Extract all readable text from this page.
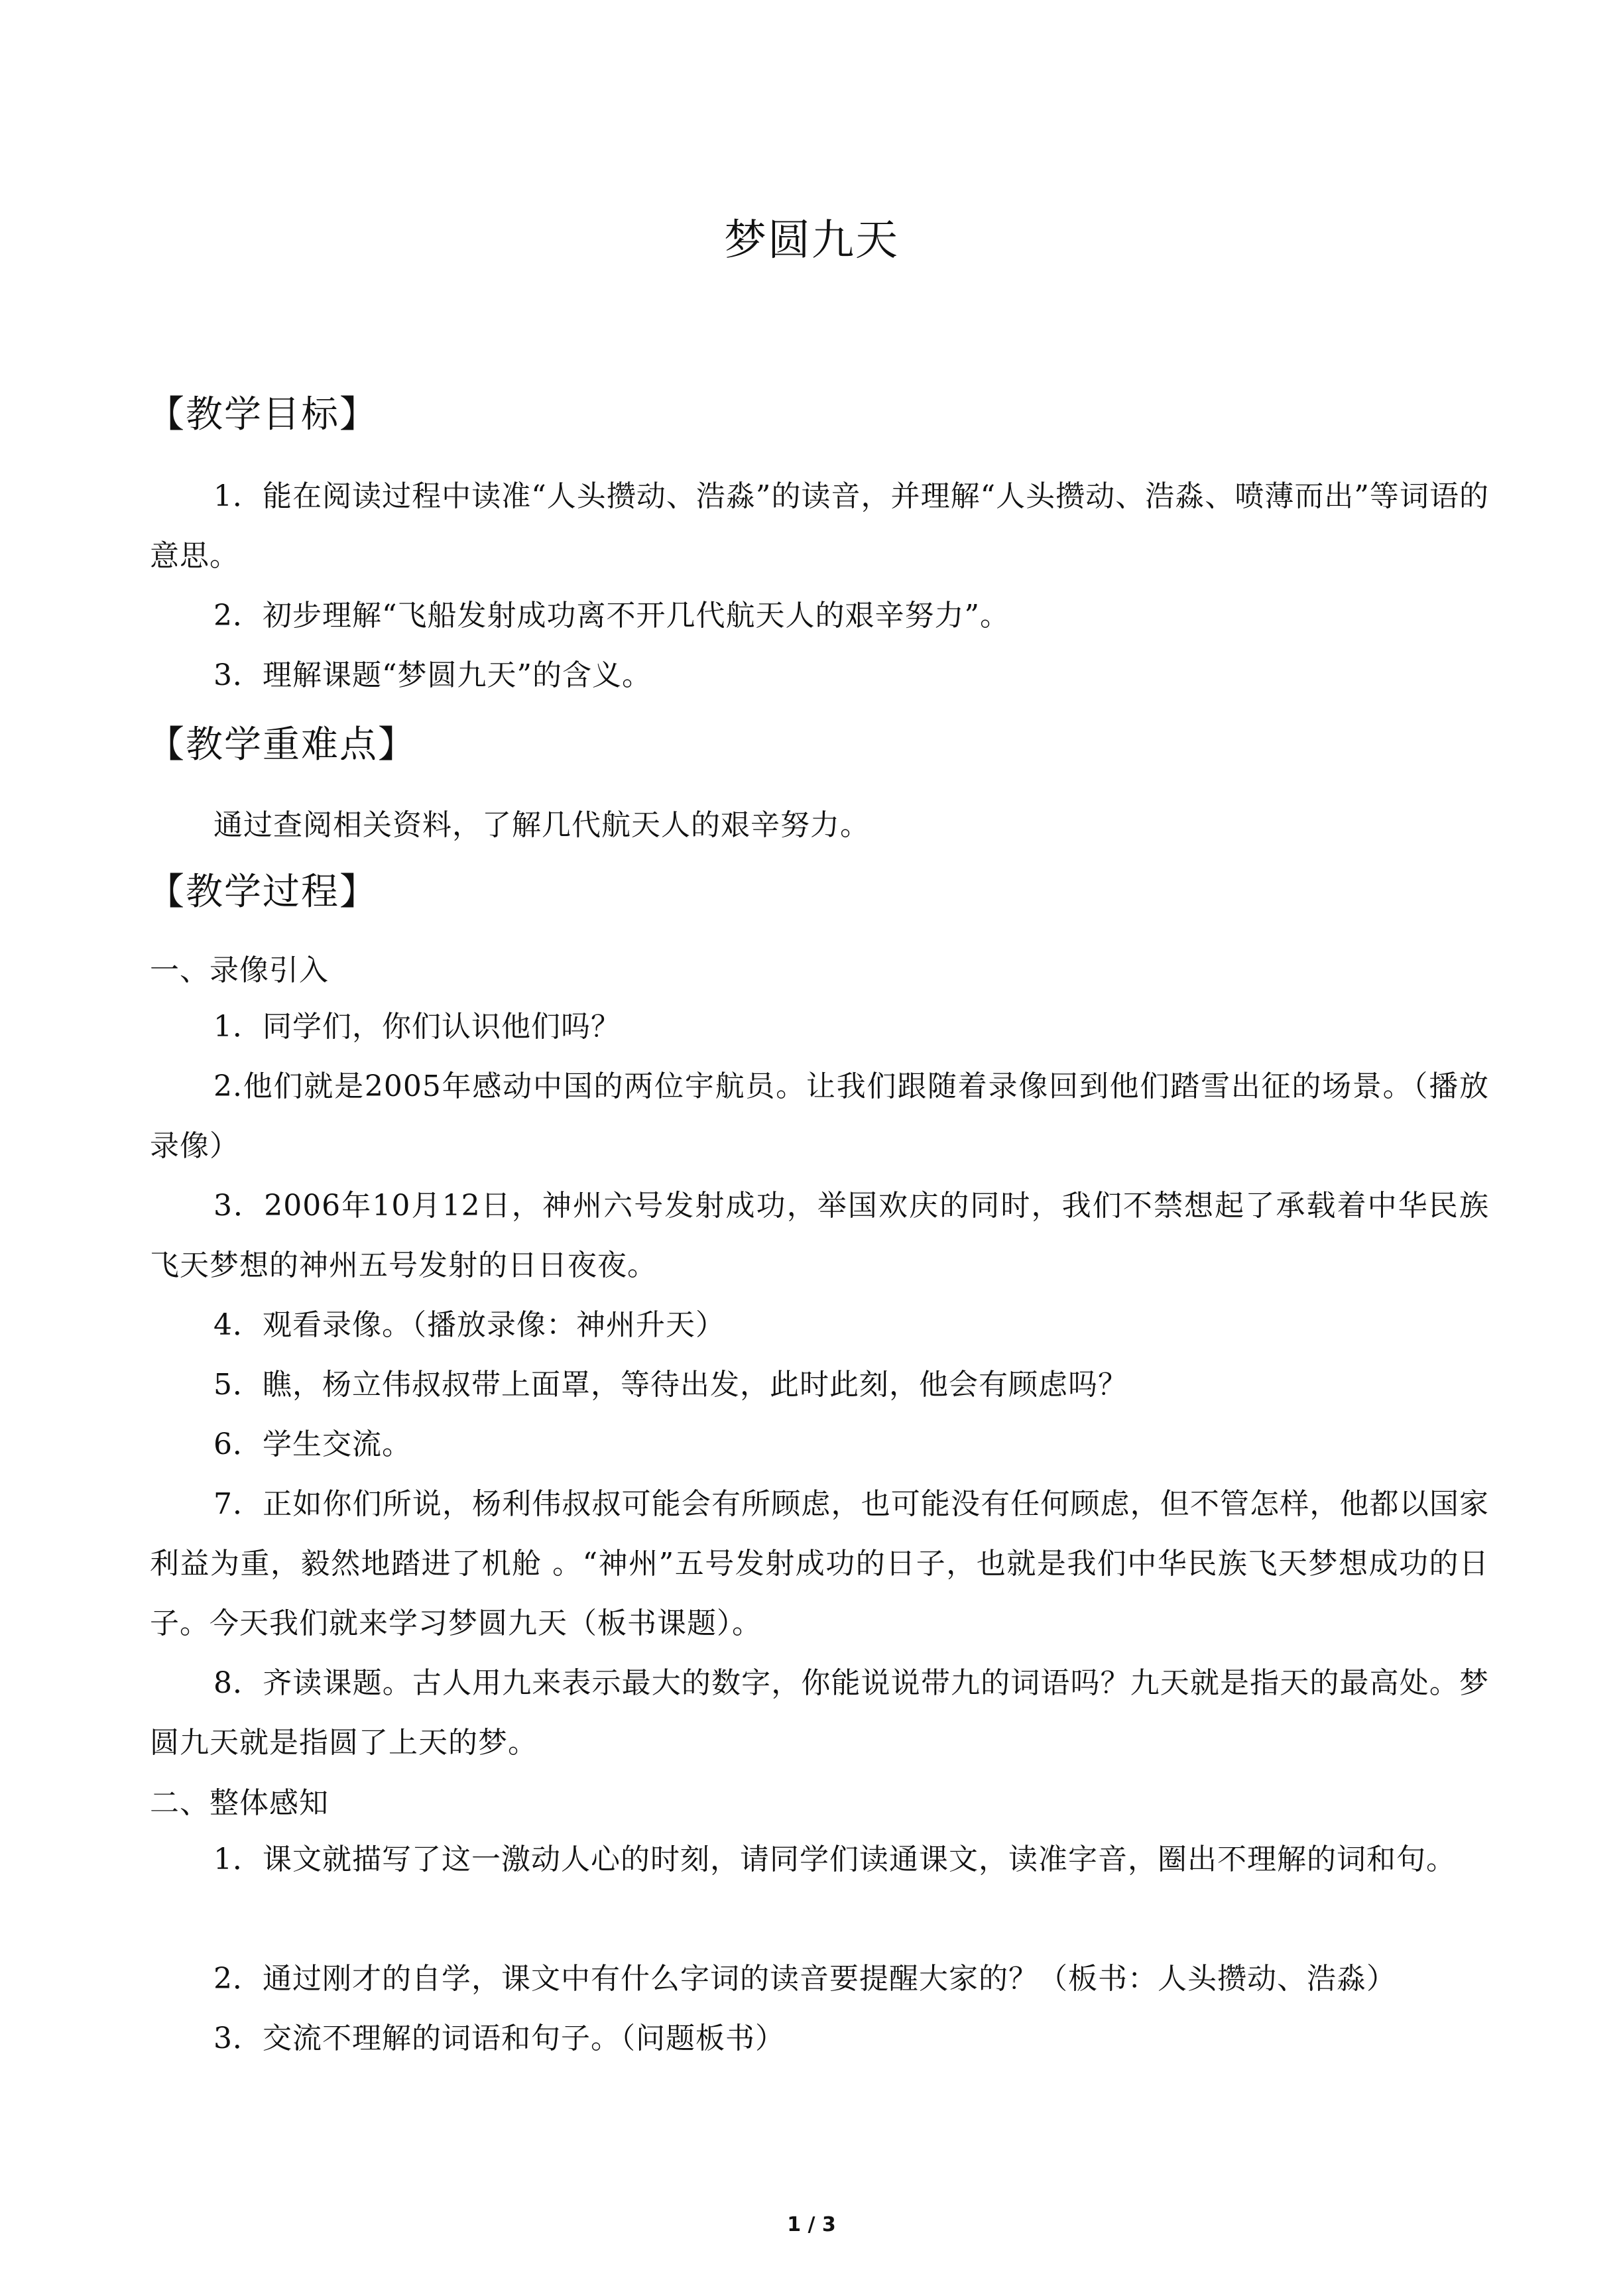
梦圆九天
【教学目标】
1．能在阅读过程中读准“人头攒动、浩淼”的读音，并理解“人头攒动、浩淼、喷薄而出”等词语的意思。
2．初步理解“飞船发射成功离不开几代航天人的艰辛努力”。
3．理解课题“梦圆九天”的含义。
【教学重难点】
通过查阅相关资料，了解几代航天人的艰辛努力。
【教学过程】
一、录像引入
1．同学们，你们认识他们吗？
2.他们就是2005年感动中国的两位宇航员。让我们跟随着录像回到他们踏雪出征的场景。（播放录像）
3．2006年10月12日，神州六号发射成功，举国欢庆的同时，我们不禁想起了承载着中华民族飞天梦想的神州五号发射的日日夜夜。
4．观看录像。（播放录像：神州升天）
5．瞧，杨立伟叔叔带上面罩，等待出发，此时此刻，他会有顾虑吗？
6．学生交流。
7．正如你们所说，杨利伟叔叔可能会有所顾虑，也可能没有任何顾虑，但不管怎样，他都以国家利益为重，毅然地踏进了机舱 。“神州”五号发射成功的日子，也就是我们中华民族飞天梦想成功的日子。今天我们就来学习梦圆九天（板书课题）。
8．齐读课题。古人用九来表示最大的数字，你能说说带九的词语吗？九天就是指天的最高处。梦圆九天就是指圆了上天的梦。
二、整体感知
1．课文就描写了这一激动人心的时刻，请同学们读通课文，读准字音，圈出不理解的词和句。
2．通过刚才的自学，课文中有什么字词的读音要提醒大家的？（板书：人头攒动、浩淼）
3．交流不理解的词语和句子。（问题板书）
1 / 3
